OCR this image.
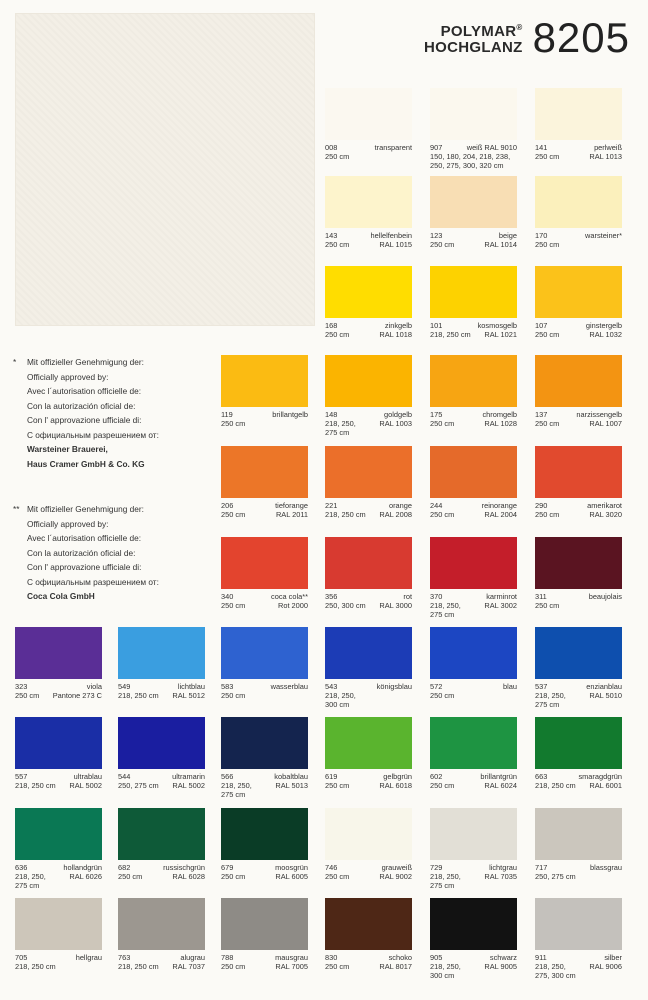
POLYMAR®
HOCHGLANZ 8205
*	Mit offizieller Genehmigung der:
Officially approved by:
Avec l´autorisation officielle de:
Con la autorización oficial de:
Con l' approvazione ufficiale di:
С официальным разрешением от:
Warsteiner Brauerei,
Haus Cramer GmbH & Co. KG
** Mit offizieller Genehmigung der:
Officially approved by:
Avec l´autorisation officielle de:
Con la autorización oficial de:
Con l' approvazione ufficiale di:
С официальным разрешением от:
Coca Cola GmbH
008
250 cm
transparent 907	weiß RAL 9010
150, 180, 204, 218, 238,
250, 275, 300, 320 cm
141
250 cm
perlweiß
RAL 1013
143
250 cm
hellelfenbein
RAL 1015
123
250 cm
beige
RAL 1014
170
250 cm
warsteiner*
168
250 cm
zinkgelb
RAL 1018
101
218, 250 cm
kosmosgelb
RAL 1021
107
250 cm
ginstergelb
RAL 1032
119
250 cm
brillantgelb 148
218, 250,
275 cm
goldgelb
RAL 1003
175
250 cm
chromgelb
RAL 1028
137
250 cm
narzissengelb
RAL 1007
206
250 cm
tieforange
RAL 2011
221
218, 250 cm
orange
RAL 2008
244
250 cm
reinorange
RAL 2004
290
250 cm
amerikarot
RAL 3020
340
250 cm
coca cola**
Rot 2000
356
250, 300 cm
rot
RAL 3000
370
218, 250,
275 cm
karminrot
RAL 3002
311
250 cm
beaujolais
323
250 cm
viola
Pantone 273 C
549
218, 250 cm
lichtblau
RAL 5012
583
250 cm
wasserblau 543
218, 250,
300 cm
königsblau 572
250 cm
blau 537
218, 250,
275 cm
enzianblau
RAL 5010
557
218, 250 cm
ultrablau
RAL 5002
544
250, 275 cm
ultramarin
RAL 5002
566
218, 250,
275 cm
kobaltblau
RAL 5013
619
250 cm
gelbgrün
RAL 6018
602
250 cm
brillantgrün
RAL 6024
663
218, 250 cm
smaragdgrün
RAL 6001
636
218, 250,
275 cm
hollandgrün
RAL 6026
682
250 cm
russischgrün
RAL 6028
679
250 cm
moosgrün
RAL 6005
746
250 cm
grauweiß
RAL 9002
729
218, 250,
275 cm
lichtgrau
RAL 7035
717
250, 275 cm
blassgrau
705
218, 250 cm
hellgrau 763
218, 250 cm
alugrau
RAL 7037
788
250 cm
mausgrau
RAL 7005
830
250 cm
schoko
RAL 8017
905
218, 250,
300 cm
schwarz
RAL 9005
911
218, 250,
275, 300 cm
silber
RAL 9006
